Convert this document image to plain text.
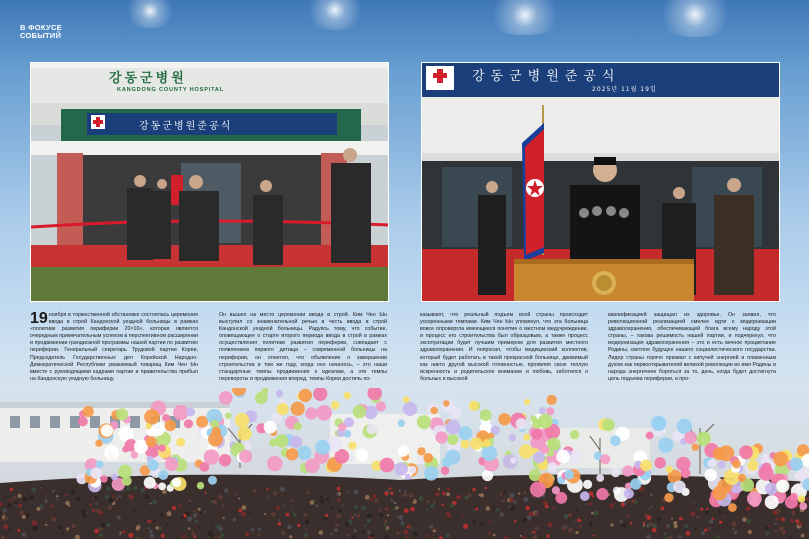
В ФОКУСЕ
СОБЫТИЙ
강동군병원
KANGDONG COUNTY HOSPITAL
강동군병원준공식
강동군병원준공식
2025년 11월 19일
19 ноября в торжественной обстановке состоялась церемония ввода в строй Кандонской уездной больницы в рамках «политики развития периферии 20×10», которая является очередным примечательным успехом в перспективном расширении и продвижении грандиозной программы нашей партии по развитию периферии. Генеральный секретарь Трудовой партии Кореи, Председатель Государственных дел Корейской Народно-Демократической Республики уважаемый товарищ Ким Чен Ын вместе с руководящими кадрами партии и правительства прибыл на Кандонскую уездную больницу.
Он вышел на место церемонии ввода в строй. Ким Чен Ын выступил со знаменательной речью в честь ввода в строй Кандонской уездной больницы. Радуясь тому, что событие, оповещающее о старте второго периода ввода в строй в рамках осуществления политики развития периферии, совпадает с появлением первого детища – современной больницы на периферии, он отметил, что объявление о завершении строительства в том же году, когда оно началось, – это наши стандартные темпы продвижения к идеалам, а эти темпы перевороты и продвижения вперед, темпы Кореи достичь по-
казывают, что реальный подъем всей страны происходит ускоренными темпами. Ким Чен Ын упомянул, что эта больница вовсе опровергла имеющееся понятие о местном медучреждении, и процесс его строительства был образцовым, а также процесс эксплуатации будет лучшим примером для развития местного здравоохранения. И попросил, чтобы медицинский коллектив, который будет работать в такой прекрасной больнице, движимый как никто другой высокой готовностью, проявляя свою теплую искренность и родительское внимание и любовь, заботился о больных и высокой
квалификацией защищал их здоровье. Он заявил, что революционной реализацией смелее идти к модернизации здравоохранения, обеспечивающей блага всему народу этой страны, – такова решимость нашей партии, и подчеркнул, что модернизация здравоохранения – это и есть вечное процветание Родины, светлое будущее нашего социалистического государства. Лидер страны горячо призвал с кипучей энергией и пламенным духом как первооткрывателей великой революции во имя Родины и народа энергичнее бороться за то, день, когда будет достигнута цель подъема периферии, а про-
